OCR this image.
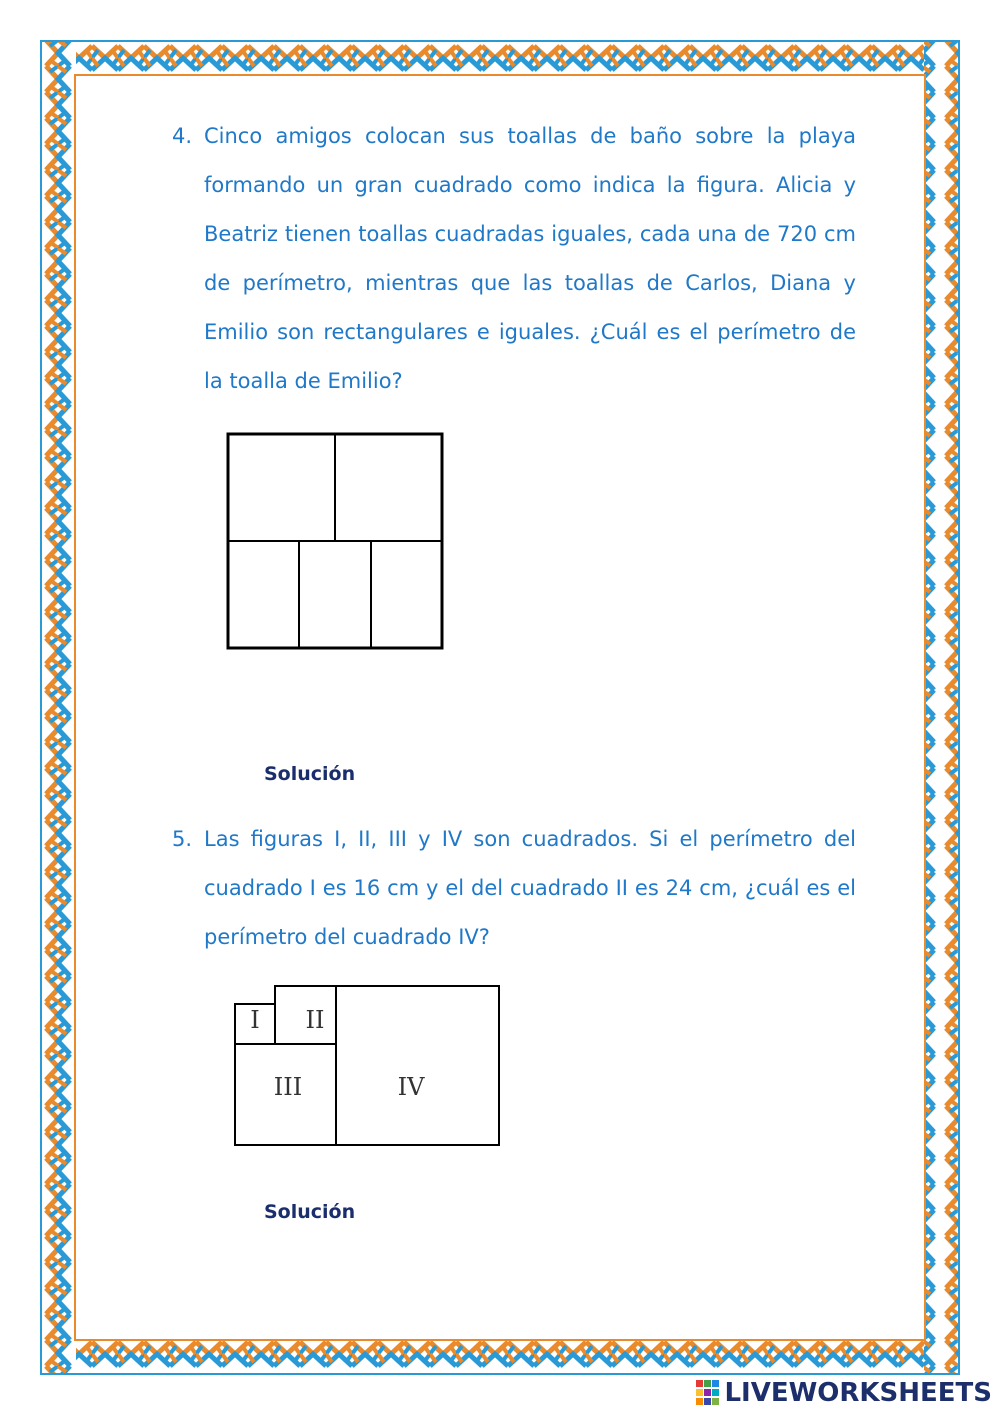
4. Cinco amigos colocan sus toallas de baño sobre la playa formando un gran cuadrado como indica la figura. Alicia y Beatriz tienen toallas cuadradas iguales, cada una de 720 cm de perímetro, mientras que las toallas de Carlos, Diana y Emilio son rectangulares e iguales. ¿Cuál es el perímetro de la toalla de Emilio?
Solución
5. Las figuras I, II, III y IV son cuadrados. Si el perímetro del cuadrado I es 16 cm y el del cuadrado II es 24 cm, ¿cuál es el perímetro del cuadrado IV?
I II
III	IV
Solución
LIVEWORKSHEETS
